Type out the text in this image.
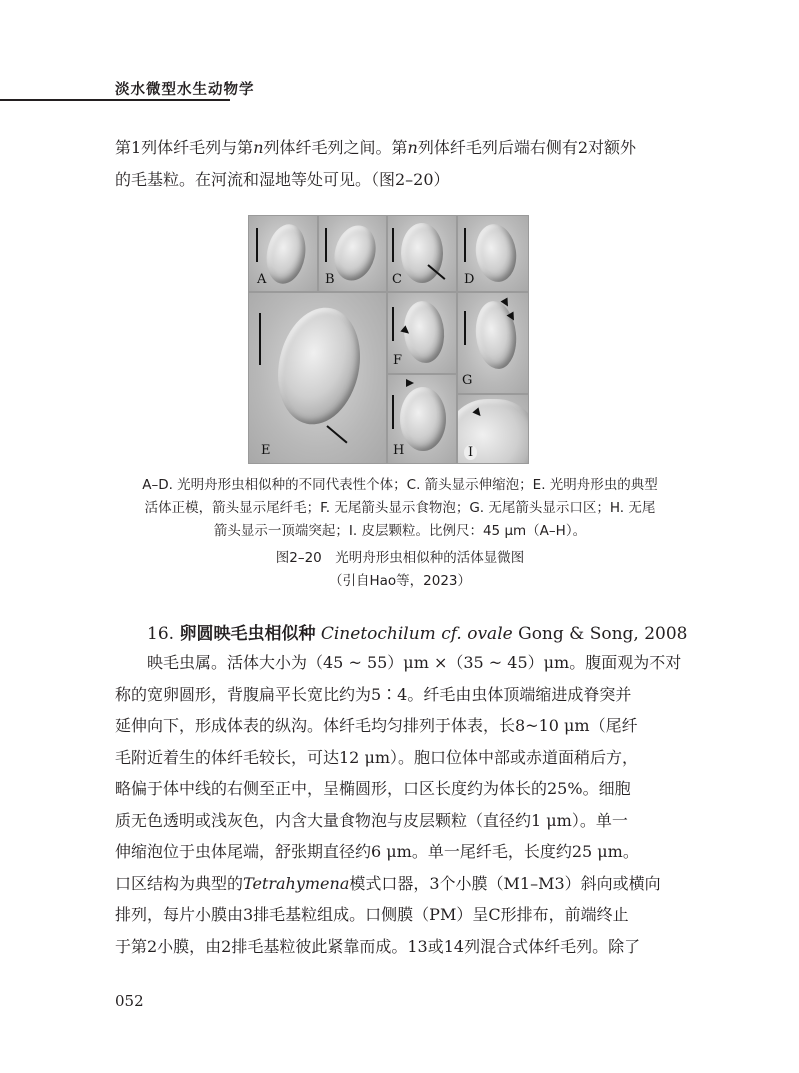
淡水微型水生动物学
第1列体纤毛列与第n列体纤毛列之间。第n列体纤毛列后端右侧有2对额外
的毛基粒。在河流和湿地等处可见。（图2–20）
A	B	C	D
E
F
G
H	I
A–D. 光明舟形虫相似种的不同代表性个体；C. 箭头显示伸缩泡；E. 光明舟形虫的典型
活体正模，箭头显示尾纤毛；F. 无尾箭头显示食物泡；G. 无尾箭头显示口区；H. 无尾
箭头显示一顶端突起；I. 皮层颗粒。比例尺：45 μm（A–H）。
图2–20　光明舟形虫相似种的活体显微图
（引自Hao等，2023）
16. 卵圆映毛虫相似种 Cinetochilum cf. ovale Gong & Song, 2008
映毛虫属。活体大小为（45 ~ 55）μm ×（35 ~ 45）μm。腹面观为不对
称的宽卵圆形，背腹扁平长宽比约为5∶4。纤毛由虫体顶端缩进成脊突并
延伸向下，形成体表的纵沟。体纤毛均匀排列于体表，长8~10 μm（尾纤
毛附近着生的体纤毛较长，可达12 μm）。胞口位体中部或赤道面稍后方，
略偏于体中线的右侧至正中，呈椭圆形，口区长度约为体长的25%。细胞
质无色透明或浅灰色，内含大量食物泡与皮层颗粒（直径约1 μm）。单一
伸缩泡位于虫体尾端，舒张期直径约6 μm。单一尾纤毛，长度约25 μm。
口区结构为典型的Tetrahymena模式口器，3个小膜（M1–M3）斜向或横向
排列，每片小膜由3排毛基粒组成。口侧膜（PM）呈C形排布，前端终止
于第2小膜，由2排毛基粒彼此紧靠而成。13或14列混合式体纤毛列。除了
052
